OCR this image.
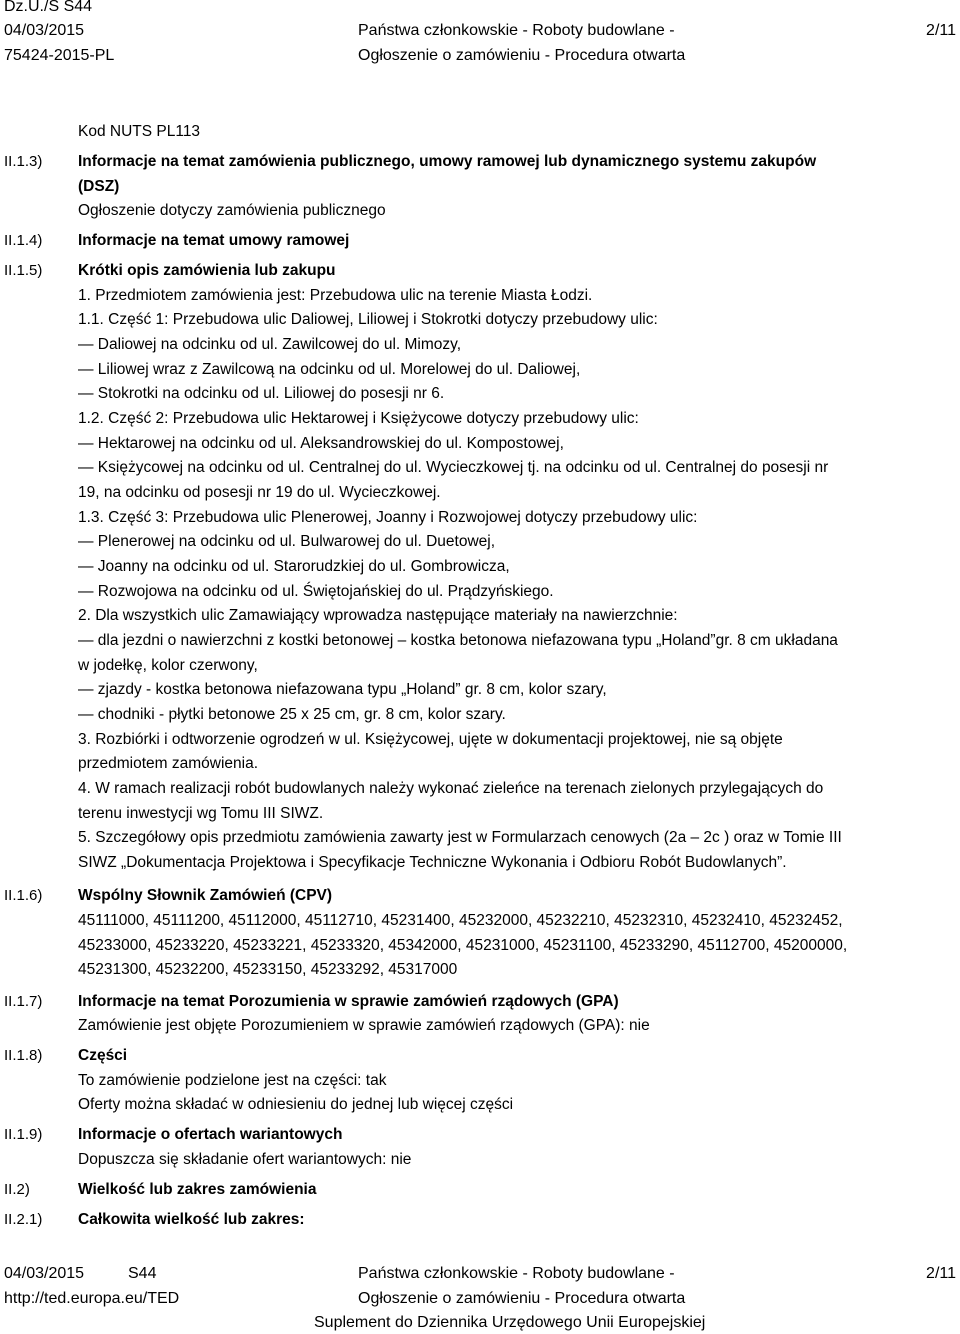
Dz.U./S S44
04/03/2015
75424-2015-PL
Państwa członkowskie - Roboty budowlane -
Ogłoszenie o zamówieniu - Procedura otwarta
2/11
II.1.3)
II.1.4)
II.1.5)
II.1.6)
II.1.7)
II.1.8)
II.1.9)
II.2)
II.2.1)
Kod NUTS PL113
Informacje na temat zamówienia publicznego, umowy ramowej lub dynamicznego systemu zakupów
(DSZ)
Ogłoszenie dotyczy zamówienia publicznego
Informacje na temat umowy ramowej
Krótki opis zamówienia lub zakupu
1. Przedmiotem zamówienia jest: Przebudowa ulic na terenie Miasta Łodzi.
1.1. Część 1: Przebudowa ulic Daliowej, Liliowej i Stokrotki dotyczy przebudowy ulic:
— Daliowej na odcinku od ul. Zawilcowej do ul. Mimozy,
— Liliowej wraz z Zawilcową na odcinku od ul. Morelowej do ul. Daliowej,
— Stokrotki na odcinku od ul. Liliowej do posesji nr 6.
1.2. Część 2: Przebudowa ulic Hektarowej i Księżycowe dotyczy przebudowy ulic:
— Hektarowej na odcinku od ul. Aleksandrowskiej do ul. Kompostowej,
— Księżycowej na odcinku od ul. Centralnej do ul. Wycieczkowej tj. na odcinku od ul. Centralnej do posesji nr
19, na odcinku od posesji nr 19 do ul. Wycieczkowej.
1.3. Część 3: Przebudowa ulic Plenerowej, Joanny i Rozwojowej dotyczy przebudowy ulic:
— Plenerowej na odcinku od ul. Bulwarowej do ul. Duetowej,
— Joanny na odcinku od ul. Starorudzkiej do ul. Gombrowicza,
— Rozwojowa na odcinku od ul. Świętojańskiej do ul. Prądzyńskiego.
2. Dla wszystkich ulic Zamawiający wprowadza następujące materiały na nawierzchnie:
— dla jezdni o nawierzchni z kostki betonowej – kostka betonowa niefazowana typu „Holand”gr. 8 cm układana
w jodełkę, kolor czerwony,
— zjazdy - kostka betonowa niefazowana typu „Holand” gr. 8 cm, kolor szary,
— chodniki - płytki betonowe 25 x 25 cm, gr. 8 cm, kolor szary.
3. Rozbiórki i odtworzenie ogrodzeń w ul. Księżycowej, ujęte w dokumentacji projektowej, nie są objęte
przedmiotem zamówienia.
4. W ramach realizacji robót budowlanych należy wykonać zieleńce na terenach zielonych przylegających do
terenu inwestycji wg Tomu III SIWZ.
5. Szczegółowy opis przedmiotu zamówienia zawarty jest w Formularzach cenowych (2a – 2c ) oraz w Tomie III
SIWZ „Dokumentacja Projektowa i Specyfikacje Techniczne Wykonania i Odbioru Robót Budowlanych”.
Wspólny Słownik Zamówień (CPV)
45111000, 45111200, 45112000, 45112710, 45231400, 45232000, 45232210, 45232310, 45232410, 45232452,
45233000, 45233220, 45233221, 45233320, 45342000, 45231000, 45231100, 45233290, 45112700, 45200000,
45231300, 45232200, 45233150, 45233292, 45317000
Informacje na temat Porozumienia w sprawie zamówień rządowych (GPA)
Zamówienie jest objęte Porozumieniem w sprawie zamówień rządowych (GPA): nie
Części
To zamówienie podzielone jest na części: tak
Oferty można składać w odniesieniu do jednej lub więcej części
Informacje o ofertach wariantowych
Dopuszcza się składanie ofert wariantowych: nie
Wielkość lub zakres zamówienia
Całkowita wielkość lub zakres:
04/03/2015	S44
http://ted.europa.eu/TED
Państwa członkowskie - Roboty budowlane -
Ogłoszenie o zamówieniu - Procedura otwarta
Suplement do Dziennika Urzędowego Unii Europejskiej
2/11
